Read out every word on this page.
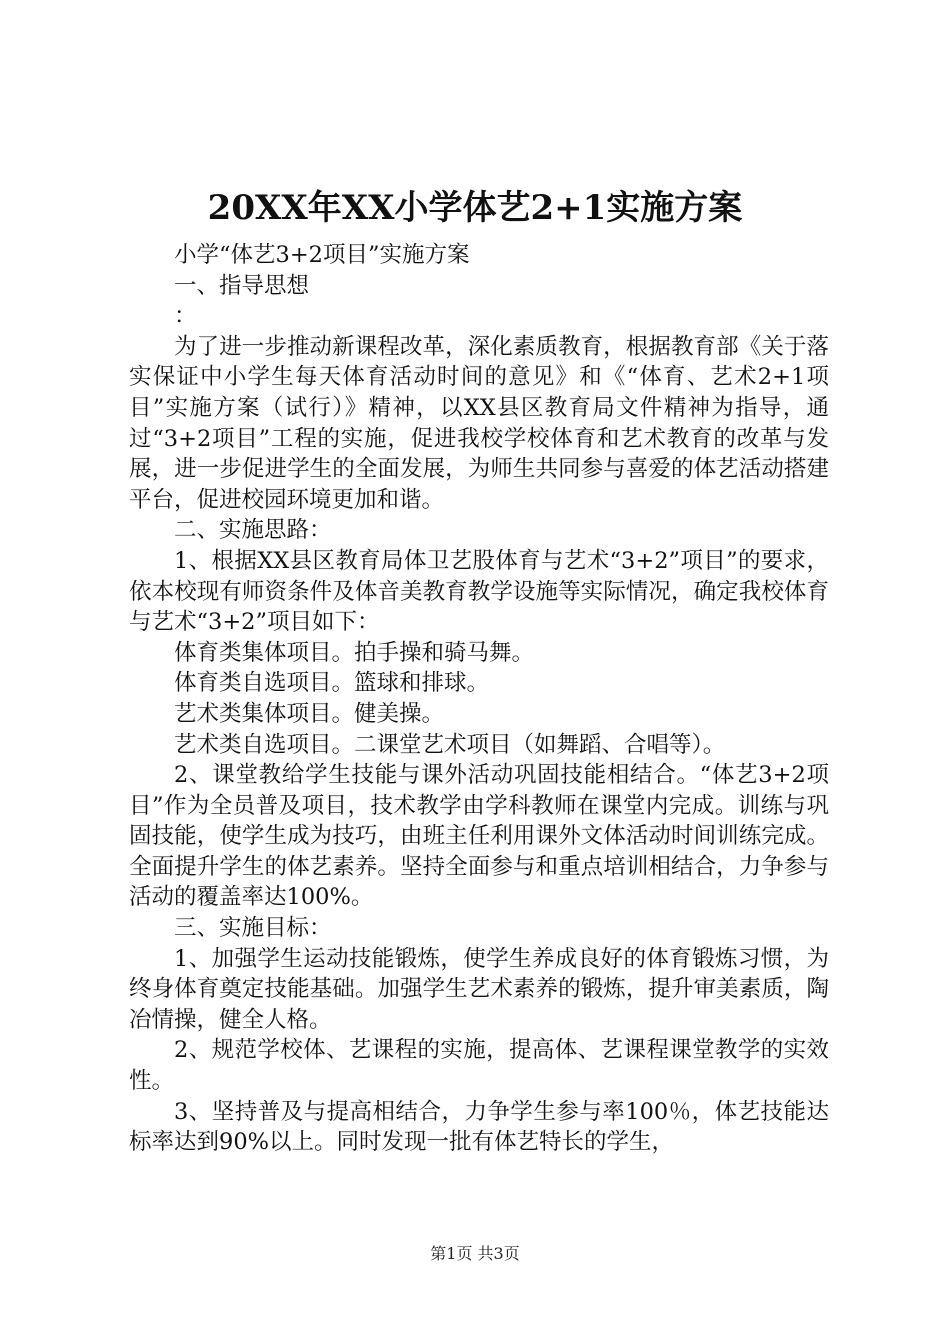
20XX年XX小学体艺2+1实施方案

小学“体艺3+2项目”实施方案

一、指导思想

：

为了进一步推动新课程改革，深化素质教育，根据教育部《关于落实保证中小学生每天体育活动时间的意见》和《“体育、艺术2+1项目”实施方案（试行）》精神，以XX县区教育局文件精神为指导，通过“3+2项目”工程的实施，促进我校学校体育和艺术教育的改革与发展，进一步促进学生的全面发展，为师生共同参与喜爱的体艺活动搭建平台，促进校园环境更加和谐。

二、实施思路：

1、根据XX县区教育局体卫艺股体育与艺术“3+2”项目”的要求，依本校现有师资条件及体音美教育教学设施等实际情况，确定我校体育与艺术“3+2”项目如下：

体育类集体项目。拍手操和骑马舞。

体育类自选项目。篮球和排球。

艺术类集体项目。健美操。

艺术类自选项目。二课堂艺术项目（如舞蹈、合唱等）。

2、课堂教给学生技能与课外活动巩固技能相结合。“体艺3+2项目”作为全员普及项目，技术教学由学科教师在课堂内完成。训练与巩固技能，使学生成为技巧，由班主任利用课外文体活动时间训练完成。全面提升学生的体艺素养。坚持全面参与和重点培训相结合，力争参与活动的覆盖率达100%。

三、实施目标：

1、加强学生运动技能锻炼，使学生养成良好的体育锻炼习惯，为终身体育奠定技能基础。加强学生艺术素养的锻炼，提升审美素质，陶冶情操，健全人格。

2、规范学校体、艺课程的实施，提高体、艺课程课堂教学的实效性。

3、坚持普及与提高相结合，力争学生参与率100％，体艺技能达标率达到90%以上。同时发现一批有体艺特长的学生，

第1页 共3页
